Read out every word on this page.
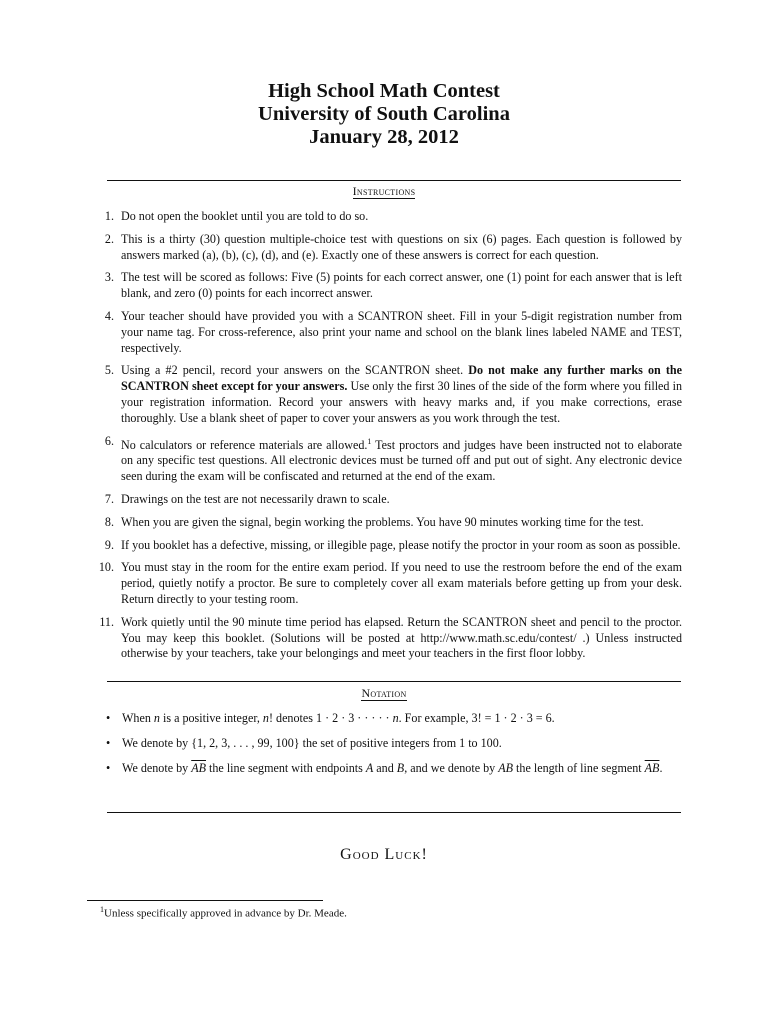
High School Math Contest
University of South Carolina
January 28, 2012
Instructions
1. Do not open the booklet until you are told to do so.
2. This is a thirty (30) question multiple-choice test with questions on six (6) pages. Each question is followed by answers marked (a), (b), (c), (d), and (e). Exactly one of these answers is correct for each question.
3. The test will be scored as follows: Five (5) points for each correct answer, one (1) point for each answer that is left blank, and zero (0) points for each incorrect answer.
4. Your teacher should have provided you with a SCANTRON sheet. Fill in your 5-digit registration number from your name tag. For cross-reference, also print your name and school on the blank lines labeled NAME and TEST, respectively.
5. Using a #2 pencil, record your answers on the SCANTRON sheet. Do not make any further marks on the SCANTRON sheet except for your answers. Use only the first 30 lines of the side of the form where you filled in your registration information. Record your answers with heavy marks and, if you make corrections, erase thoroughly. Use a blank sheet of paper to cover your answers as you work through the test.
6. No calculators or reference materials are allowed.$^1$ Test proctors and judges have been instructed not to elaborate on any specific test questions. All electronic devices must be turned off and put out of sight. Any electronic device seen during the exam will be confiscated and returned at the end of the exam.
7. Drawings on the test are not necessarily drawn to scale.
8. When you are given the signal, begin working the problems. You have 90 minutes working time for the test.
9. If you booklet has a defective, missing, or illegible page, please notify the proctor in your room as soon as possible.
10. You must stay in the room for the entire exam period. If you need to use the restroom before the end of the exam period, quietly notify a proctor. Be sure to completely cover all exam materials before getting up from your desk. Return directly to your testing room.
11. Work quietly until the 90 minute time period has elapsed. Return the SCANTRON sheet and pencil to the proctor. You may keep this booklet. (Solutions will be posted at http://www.math.sc.edu/contest/ .) Unless instructed otherwise by your teachers, take your belongings and meet your teachers in the first floor lobby.
Notation
• When n is a positive integer, n! denotes 1 · 2 · 3 · · · · · n. For example, 3! = 1 · 2 · 3 = 6.
• We denote by {1, 2, 3, . . . , 99, 100} the set of positive integers from 1 to 100.
• We denote by $\overline{AB}$ the line segment with endpoints A and B, and we denote by AB the length of line segment $\overline{AB}$.
Good Luck!
$^1$Unless specifically approved in advance by Dr. Meade.
